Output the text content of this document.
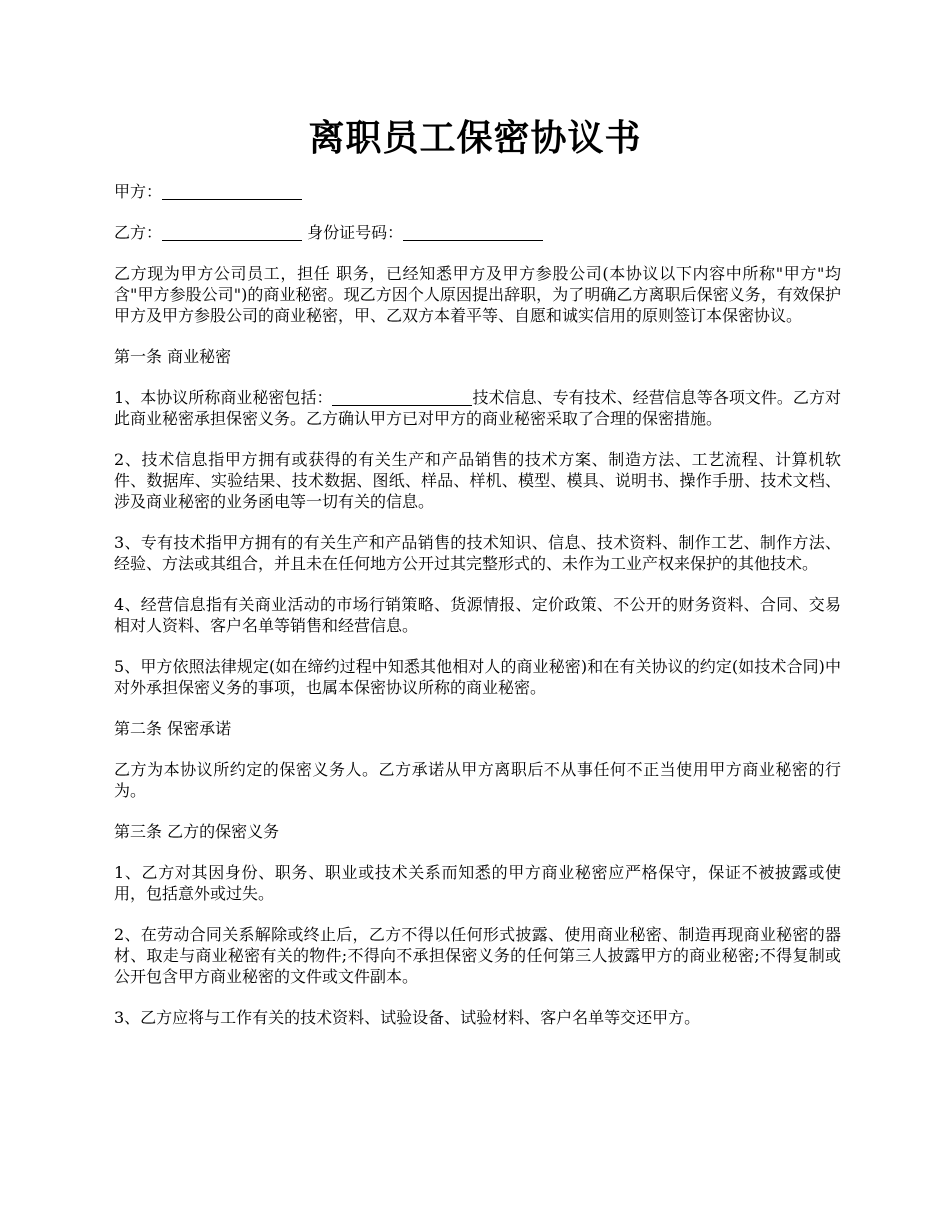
离职员工保密协议书

甲方：

乙方：	身份证号码：

乙方现为甲方公司员工，担任 职务，已经知悉甲方及甲方参股公司(本协议以下内容中所称"甲方"均含"甲方参股公司")的商业秘密。现乙方因个人原因提出辞职，为了明确乙方离职后保密义务，有效保护甲方及甲方参股公司的商业秘密，甲、乙双方本着平等、自愿和诚实信用的原则签订本保密协议。

第一条 商业秘密

1、本协议所称商业秘密包括：	技术信息、专有技术、经营信息等各项文件。乙方对此商业秘密承担保密义务。乙方确认甲方已对甲方的商业秘密采取了合理的保密措施。

2、技术信息指甲方拥有或获得的有关生产和产品销售的技术方案、制造方法、工艺流程、计算机软件、数据库、实验结果、技术数据、图纸、样品、样机、模型、模具、说明书、操作手册、技术文档、涉及商业秘密的业务函电等一切有关的信息。

3、专有技术指甲方拥有的有关生产和产品销售的技术知识、信息、技术资料、制作工艺、制作方法、经验、方法或其组合，并且未在任何地方公开过其完整形式的、未作为工业产权来保护的其他技术。

4、经营信息指有关商业活动的市场行销策略、货源情报、定价政策、不公开的财务资料、合同、交易相对人资料、客户名单等销售和经营信息。

5、甲方依照法律规定(如在缔约过程中知悉其他相对人的商业秘密)和在有关协议的约定(如技术合同)中对外承担保密义务的事项，也属本保密协议所称的商业秘密。

第二条 保密承诺

乙方为本协议所约定的保密义务人。乙方承诺从甲方离职后不从事任何不正当使用甲方商业秘密的行为。

第三条 乙方的保密义务

1、乙方对其因身份、职务、职业或技术关系而知悉的甲方商业秘密应严格保守，保证不被披露或使用，包括意外或过失。

2、在劳动合同关系解除或终止后，乙方不得以任何形式披露、使用商业秘密、制造再现商业秘密的器材、取走与商业秘密有关的物件;不得向不承担保密义务的任何第三人披露甲方的商业秘密;不得复制或公开包含甲方商业秘密的文件或文件副本。

3、乙方应将与工作有关的技术资料、试验设备、试验材料、客户名单等交还甲方。
